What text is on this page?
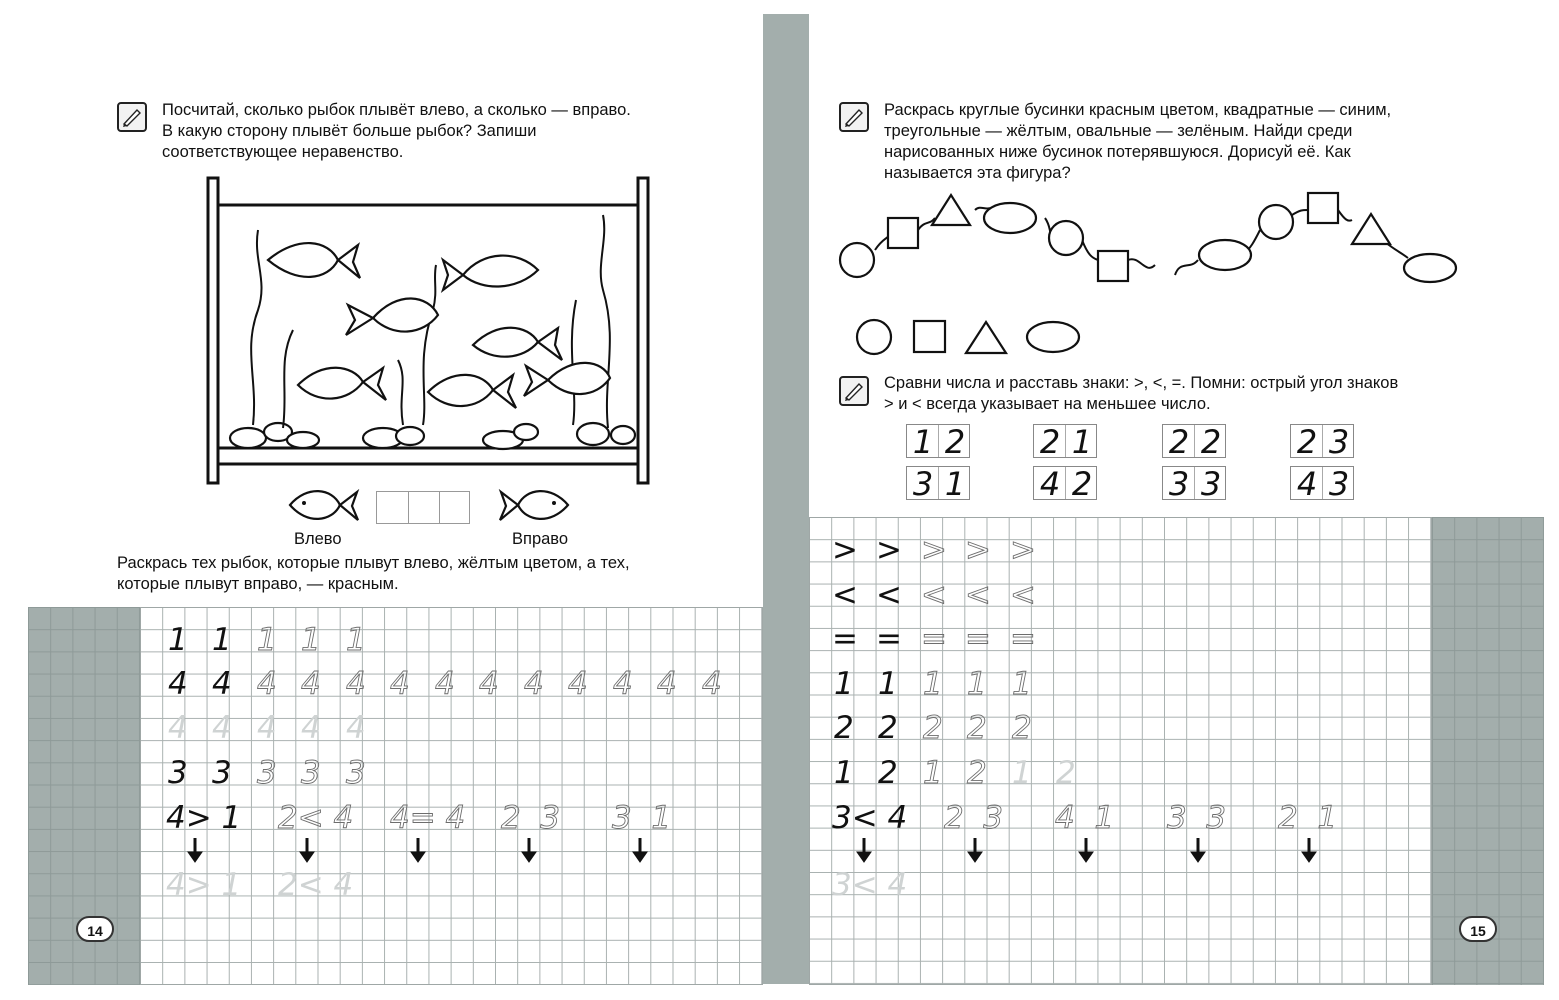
Посчитай, сколько рыбок плывёт влево, а сколько — вправо.
В какую сторону плывёт больше рыбок? Запиши
соответствующее неравенство.
Влево	Вправо
Раскрась тех рыбок, которые плывут влево, жёлтым цветом, а тех,
которые плывут вправо, — красным.
14
1 1 1 1 1
4 4 4 4 4 4 4 4 4 4 4 4 4
4 4 4 4 4
3 3 3 3 3
4> 1 2< 4 4= 4 2  3 3  1
4> 1 2< 4
Раскрась круглые бусинки красным цветом, квадратные — синим,
треугольные — жёлтым, овальные — зелёным. Найди среди
нарисованных ниже бусинок потерявшуюся. Дорисуй её. Как
называется эта фигура?
Сравни числа и расставь знаки: >, <, =. Помни: острый угол знаков
> и < всегда указывает на меньшее число.
1 2 2 1 2 2 2 3
3 1 4 2 3 3 4 3
15
> > > > >
< < < < <
= = = = =
1 1 1 1 1
2 2 2 2 2
1 2 1 2 1 2
3< 4 2  3 4  1 3  3 2  1
3< 4
